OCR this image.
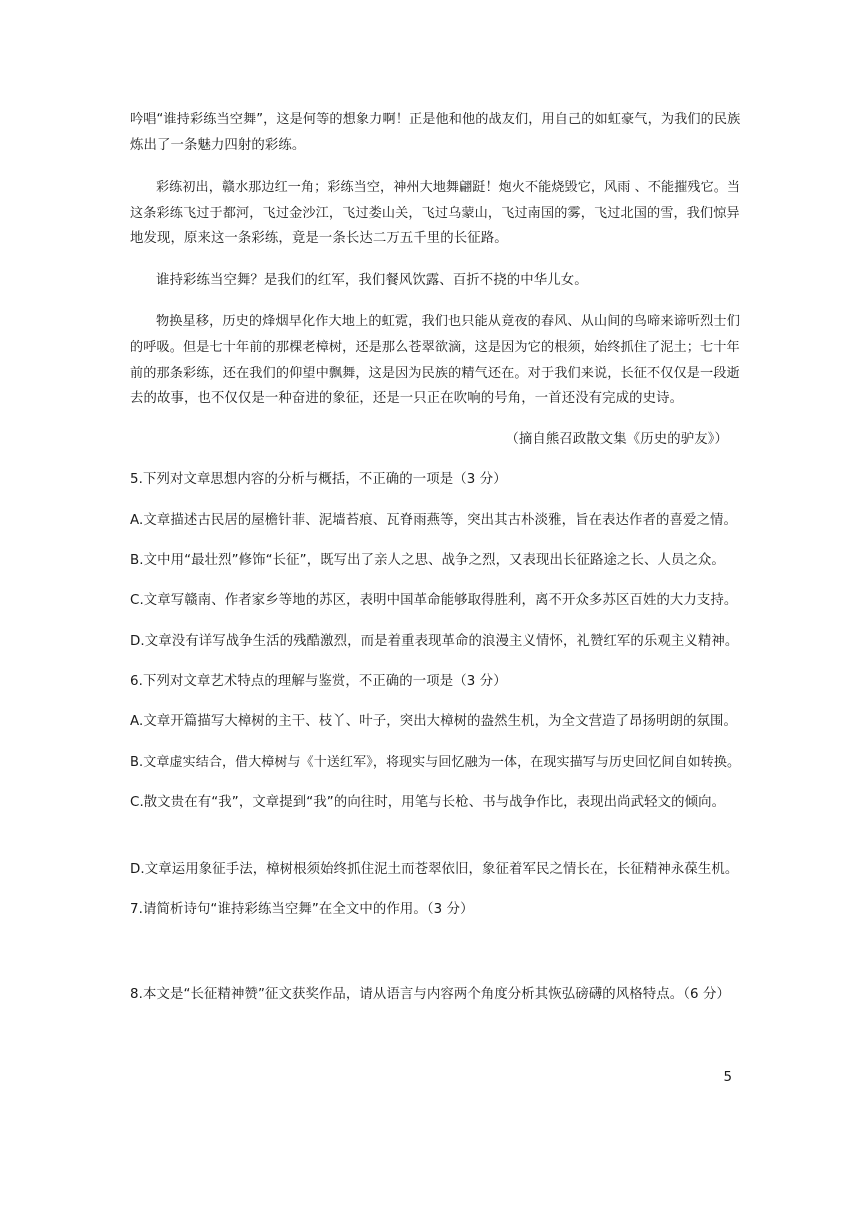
吟唱“谁持彩练当空舞”，这是何等的想象力啊！正是他和他的战友们，用自己的如虹豪气，为我们的民族
炼出了一条魅力四射的彩练。
彩练初出，赣水那边红一角；彩练当空，神州大地舞翩跹！炮火不能烧毁它，风雨 、不能摧残它。当
这条彩练飞过于都河，飞过金沙江，飞过娄山关，飞过乌蒙山，飞过南国的雾，飞过北国的雪，我们惊异
地发现，原来这一条彩练，竟是一条长达二万五千里的长征路。
谁持彩练当空舞？是我们的红军，我们餐风饮露、百折不挠的中华儿女。
物换星移，历史的烽烟早化作大地上的虹霓，我们也只能从竟夜的春风、从山间的鸟啼来谛听烈士们
的呼吸。但是七十年前的那棵老樟树，还是那么苍翠欲滴，这是因为它的根须，始终抓住了泥土；七十年
前的那条彩练，还在我们的仰望中飘舞，这是因为民族的精气还在。对于我们来说，长征不仅仅是一段逝
去的故事，也不仅仅是一种奋进的象征，还是一只正在吹响的号角，一首还没有完成的史诗。
（摘自熊召政散文集《历史的驴友》）
5.下列对文章思想内容的分析与概括，不正确的一项是（3 分）
A.文章描述古民居的屋檐针菲、泥墙苔痕、瓦脊雨燕等，突出其古朴淡雅，旨在表达作者的喜爱之情。
B.文中用“最壮烈”修饰“长征”，既写出了亲人之思、战争之烈，又表现出长征路途之长、人员之众。
C.文章写赣南、作者家乡等地的苏区，表明中国革命能够取得胜利，离不开众多苏区百姓的大力支持。
D.文章没有详写战争生活的残酷激烈，而是着重表现革命的浪漫主义情怀，礼赞红军的乐观主义精神。
6.下列对文章艺术特点的理解与鉴赏，不正确的一项是（3 分）
A.文章开篇描写大樟树的主干、枝丫、叶子，突出大樟树的盎然生机，为全文营造了昂扬明朗的氛围。
B.文章虚实结合，借大樟树与《十送红军》，将现实与回忆融为一体，在现实描写与历史回忆间自如转换。
C.散文贵在有“我”，文章提到“我”的向往时，用笔与长枪、书与战争作比，表现出尚武轻文的倾向。
D.文章运用象征手法，樟树根须始终抓住泥土而苍翠依旧，象征着军民之情长在，长征精神永葆生机。
7.请简析诗句“谁持彩练当空舞”在全文中的作用。（3 分）
8.本文是“长征精神赞”征文获奖作品，请从语言与内容两个角度分析其恢弘磅礴的风格特点。（6 分）
5
